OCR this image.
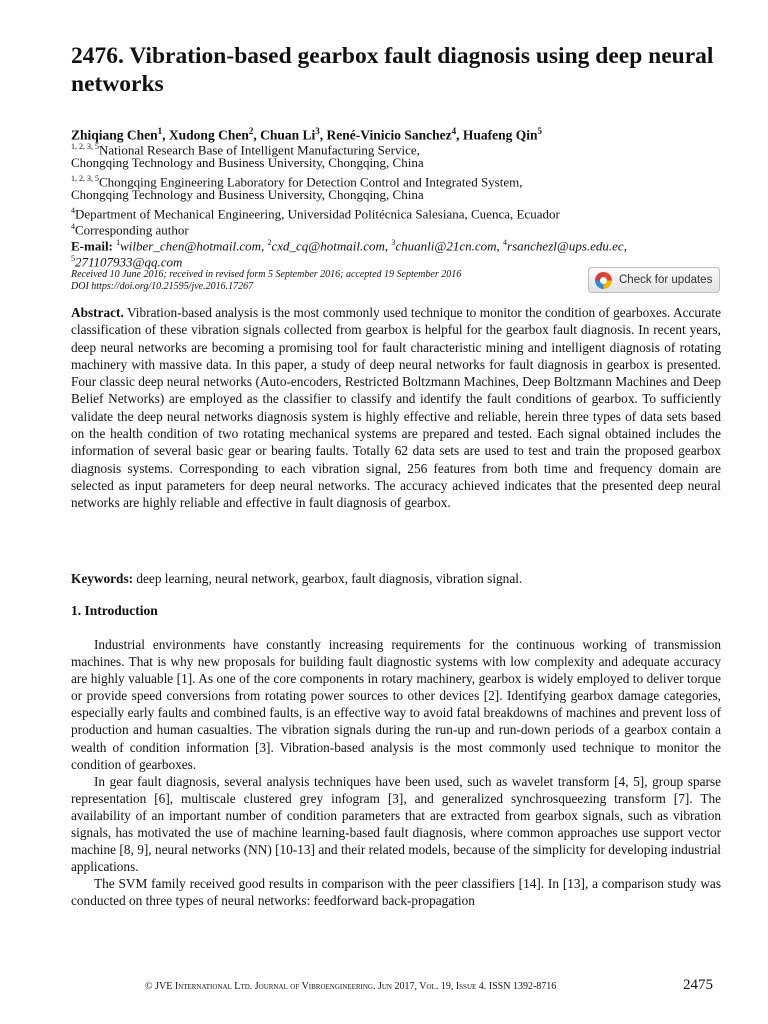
2476. Vibration-based gearbox fault diagnosis using deep neural networks
Zhiqiang Chen$^1$, Xudong Chen$^2$, Chuan Li$^3$, René-Vinicio Sanchez$^4$, Huafeng Qin$^5$
$^{1, 2, 3, 5}$National Research Base of Intelligent Manufacturing Service,
Chongqing Technology and Business University, Chongqing, China
$^{1, 2, 3, 5}$Chongqing Engineering Laboratory for Detection Control and Integrated System,
Chongqing Technology and Business University, Chongqing, China
$^4$Department of Mechanical Engineering, Universidad Politécnica Salesiana, Cuenca, Ecuador
$^4$Corresponding author
E-mail: $^1$wilber_chen@hotmail.com, $^2$cxd_cq@hotmail.com, $^3$chuanli@21cn.com, $^4$rsanchezl@ups.edu.ec,
$^5$271107933@qq.com
Received 10 June 2016; received in revised form 5 September 2016; accepted 19 September 2016
DOI https://doi.org/10.21595/jve.2016.17267
Check for updates
Abstract. Vibration-based analysis is the most commonly used technique to monitor the condition of gearboxes. Accurate classification of these vibration signals collected from gearbox is helpful for the gearbox fault diagnosis. In recent years, deep neural networks are becoming a promising tool for fault characteristic mining and intelligent diagnosis of rotating machinery with massive data. In this paper, a study of deep neural networks for fault diagnosis in gearbox is presented. Four classic deep neural networks (Auto-encoders, Restricted Boltzmann Machines, Deep Boltzmann Machines and Deep Belief Networks) are employed as the classifier to classify and identify the fault conditions of gearbox. To sufficiently validate the deep neural networks diagnosis system is highly effective and reliable, herein three types of data sets based on the health condition of two rotating mechanical systems are prepared and tested. Each signal obtained includes the information of several basic gear or bearing faults. Totally 62 data sets are used to test and train the proposed gearbox diagnosis systems. Corresponding to each vibration signal, 256 features from both time and frequency domain are selected as input parameters for deep neural networks. The accuracy achieved indicates that the presented deep neural networks are highly reliable and effective in fault diagnosis of gearbox.
Keywords: deep learning, neural network, gearbox, fault diagnosis, vibration signal.
1. Introduction

Industrial environments have constantly increasing requirements for the continuous working of transmission machines. That is why new proposals for building fault diagnostic systems with low complexity and adequate accuracy are highly valuable [1]. As one of the core components in rotary machinery, gearbox is widely employed to deliver torque or provide speed conversions from rotating power sources to other devices [2]. Identifying gearbox damage categories, especially early faults and combined faults, is an effective way to avoid fatal breakdowns of machines and prevent loss of production and human casualties. The vibration signals during the run-up and run-down periods of a gearbox contain a wealth of condition information [3]. Vibration-based analysis is the most commonly used technique to monitor the condition of gearboxes.

In gear fault diagnosis, several analysis techniques have been used, such as wavelet transform [4, 5], group sparse representation [6], multiscale clustered grey infogram [3], and generalized synchrosqueezing transform [7]. The availability of an important number of condition parameters that are extracted from gearbox signals, such as vibration signals, has motivated the use of machine learning-based fault diagnosis, where common approaches use support vector machine [8, 9], neural networks (NN) [10-13] and their related models, because of the simplicity for developing industrial applications.

The SVM family received good results in comparison with the peer classifiers [14]. In [13], a comparison study was conducted on three types of neural networks: feedforward back-propagation

© JVE International Ltd. Journal of Vibroengineering. Jun 2017, Vol. 19, Issue 4. ISSN 1392-8716	2475
